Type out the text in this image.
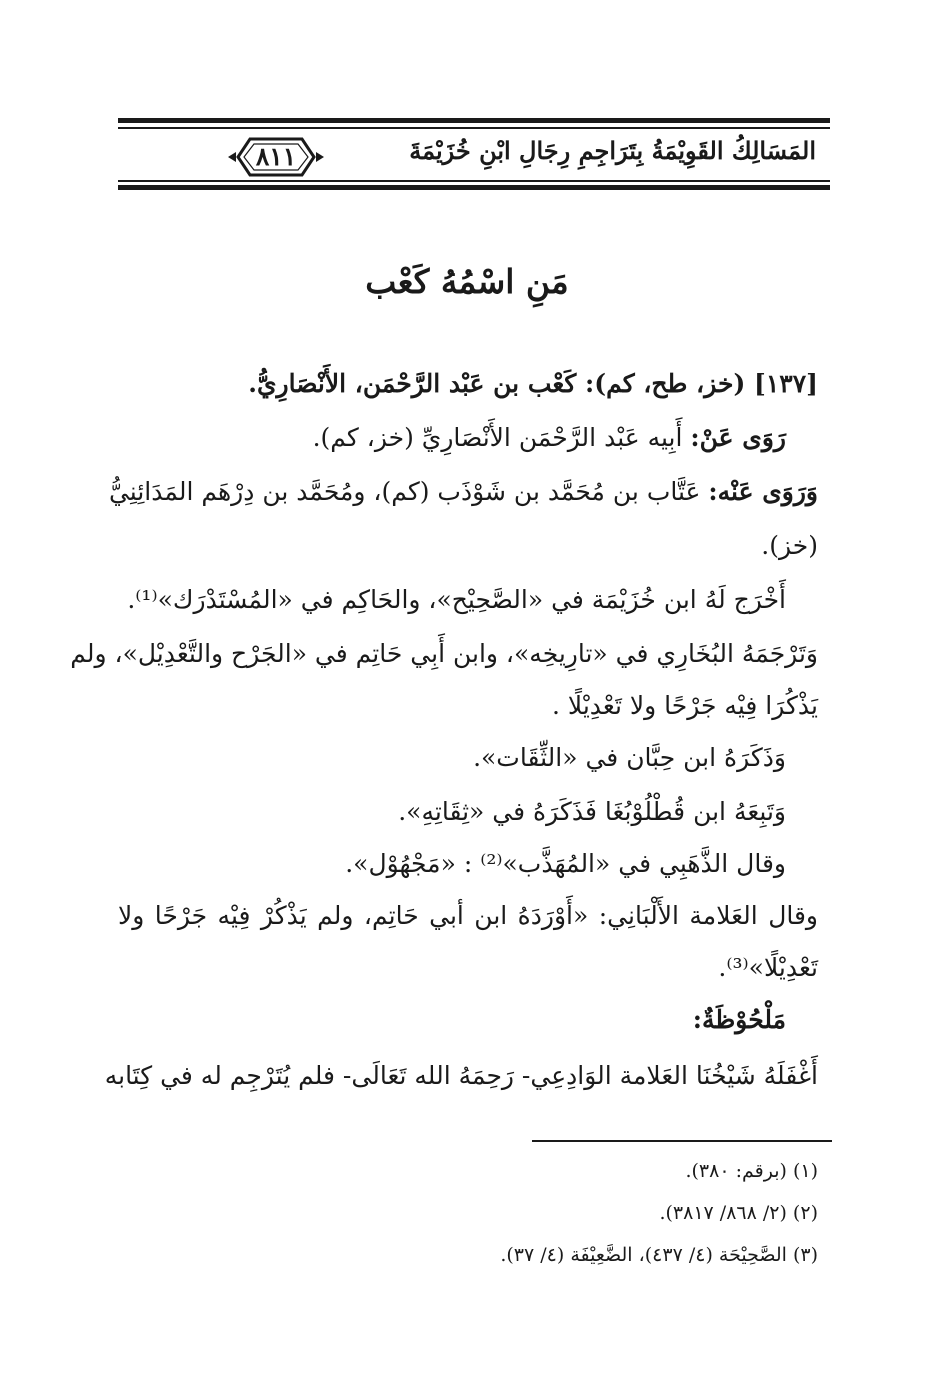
٨١١	المَسَالِكُ القَوِيْمَةُ بِتَرَاجِمِ رِجَالِ ابْنِ خُزَيْمَةَ
مَنِ اسْمُهُ كَعْب
[١٣٧] (خز، طح، كم): كَعْب بن عَبْد الرَّحْمَن، الأَنْصَارِيُّ.
رَوَى عَنْ: أَبِيه عَبْد الرَّحْمَن الأَنْصَارِيِّ (خز، كم).
وَرَوَى عَنْه: عَتَّاب بن مُحَمَّد بن شَوْذَب (كم)، ومُحَمَّد بن دِرْهَم المَدَائِنِيُّ
(خز).
أَخْرَج لَهُ ابن خُزَيْمَة في «الصَّحِيْح»، والحَاكِم في «المُسْتَدْرَك»⁽¹⁾.
وَتَرْجَمَهُ البُخَارِي في «تارِيخِه»، وابن أَبِي حَاتِم في «الجَرْح والتَّعْدِيْل»، ولم
يَذْكُرَا فِيْه جَرْحًا ولا تَعْدِيْلًا .
وَذَكَرَهُ ابن حِبَّان في «الثِّقَات».
وَتَبِعَهُ ابن قُطْلُوْبُغَا فَذَكَرَهُ في «ثِقَاتِهِ».
وقال الذَّهَبِي في «المُهَذَّب»⁽²⁾ : «مَجْهُوْل».
وقال العَلامة الأَلْبَانِي: «أَوْرَدَهُ ابن أبي حَاتِم، ولم يَذْكُرْ فِيْه جَرْحًا ولا
تَعْدِيْلًا»⁽³⁾.
مَلْحُوْظَةٌ:
أَغْفَلَهُ شَيْخُنَا العَلامة الوَادِعِي- رَحِمَهُ الله تَعَالَى- فلم يُتَرْجِم له في كِتَابه
(١) (برقم: ٣٨٠).
(٢) (٢/ ٨٦٨/ ٣٨١٧).
(٣) الصَّحِيْحَة (٤/ ٤٣٧)، الضَّعِيْفَة (٤/ ٣٧).
